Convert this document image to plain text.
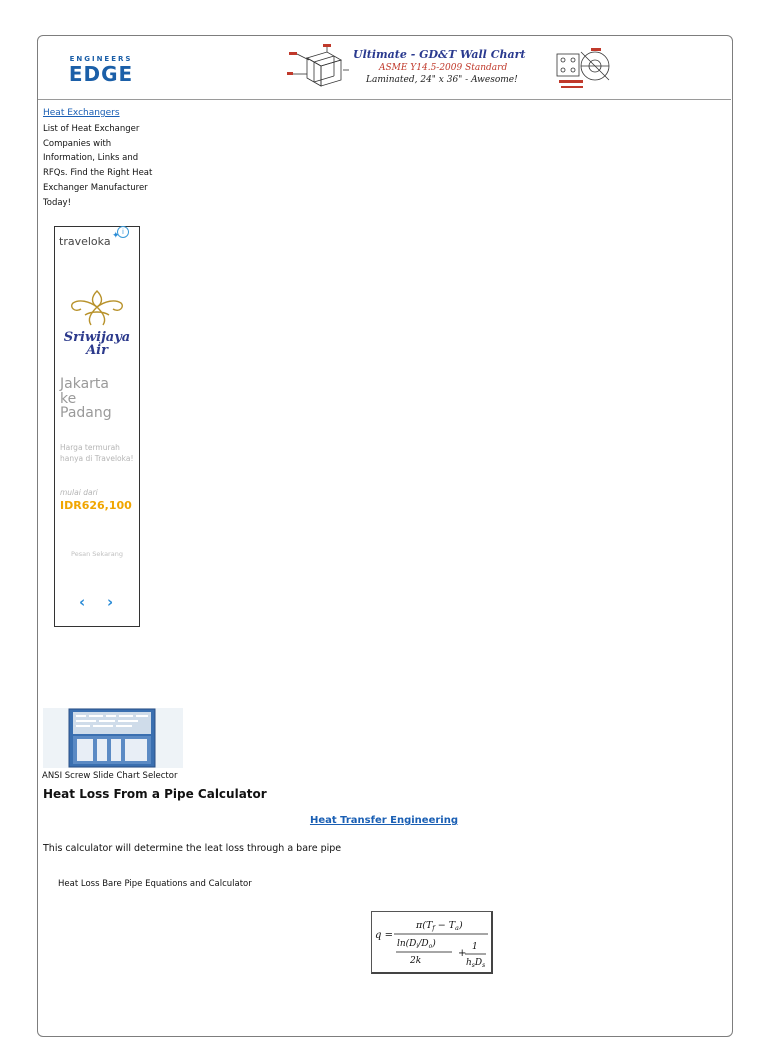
ENGINEERS
EDGE
Ultimate - GD&T Wall Chart
ASME Y14.5-2009 Standard
Laminated, 24" x 36" - Awesome!
Heat Exchangers
List of Heat Exchanger Companies with Information, Links and RFQs. Find the Right Heat Exchanger Manufacturer Today!
traveloka ✦
Sriwijaya
Air
Jakarta
ke
Padang
Harga termurah hanya di Traveloka!
mulai dari
IDR626,100
Pesan Sekarang
‹ ›
i
ANSI Screw Slide Chart Selector
Heat Loss From a Pipe Calculator
Heat Transfer Engineering
This calculator will determine the leat loss through a bare pipe
Heat Loss Bare Pipe Equations and Calculator
q =
$\pi(T_f - T_a)$
$\ln(D_i/D_o)$
2k
+
1
$h_sD_s$
